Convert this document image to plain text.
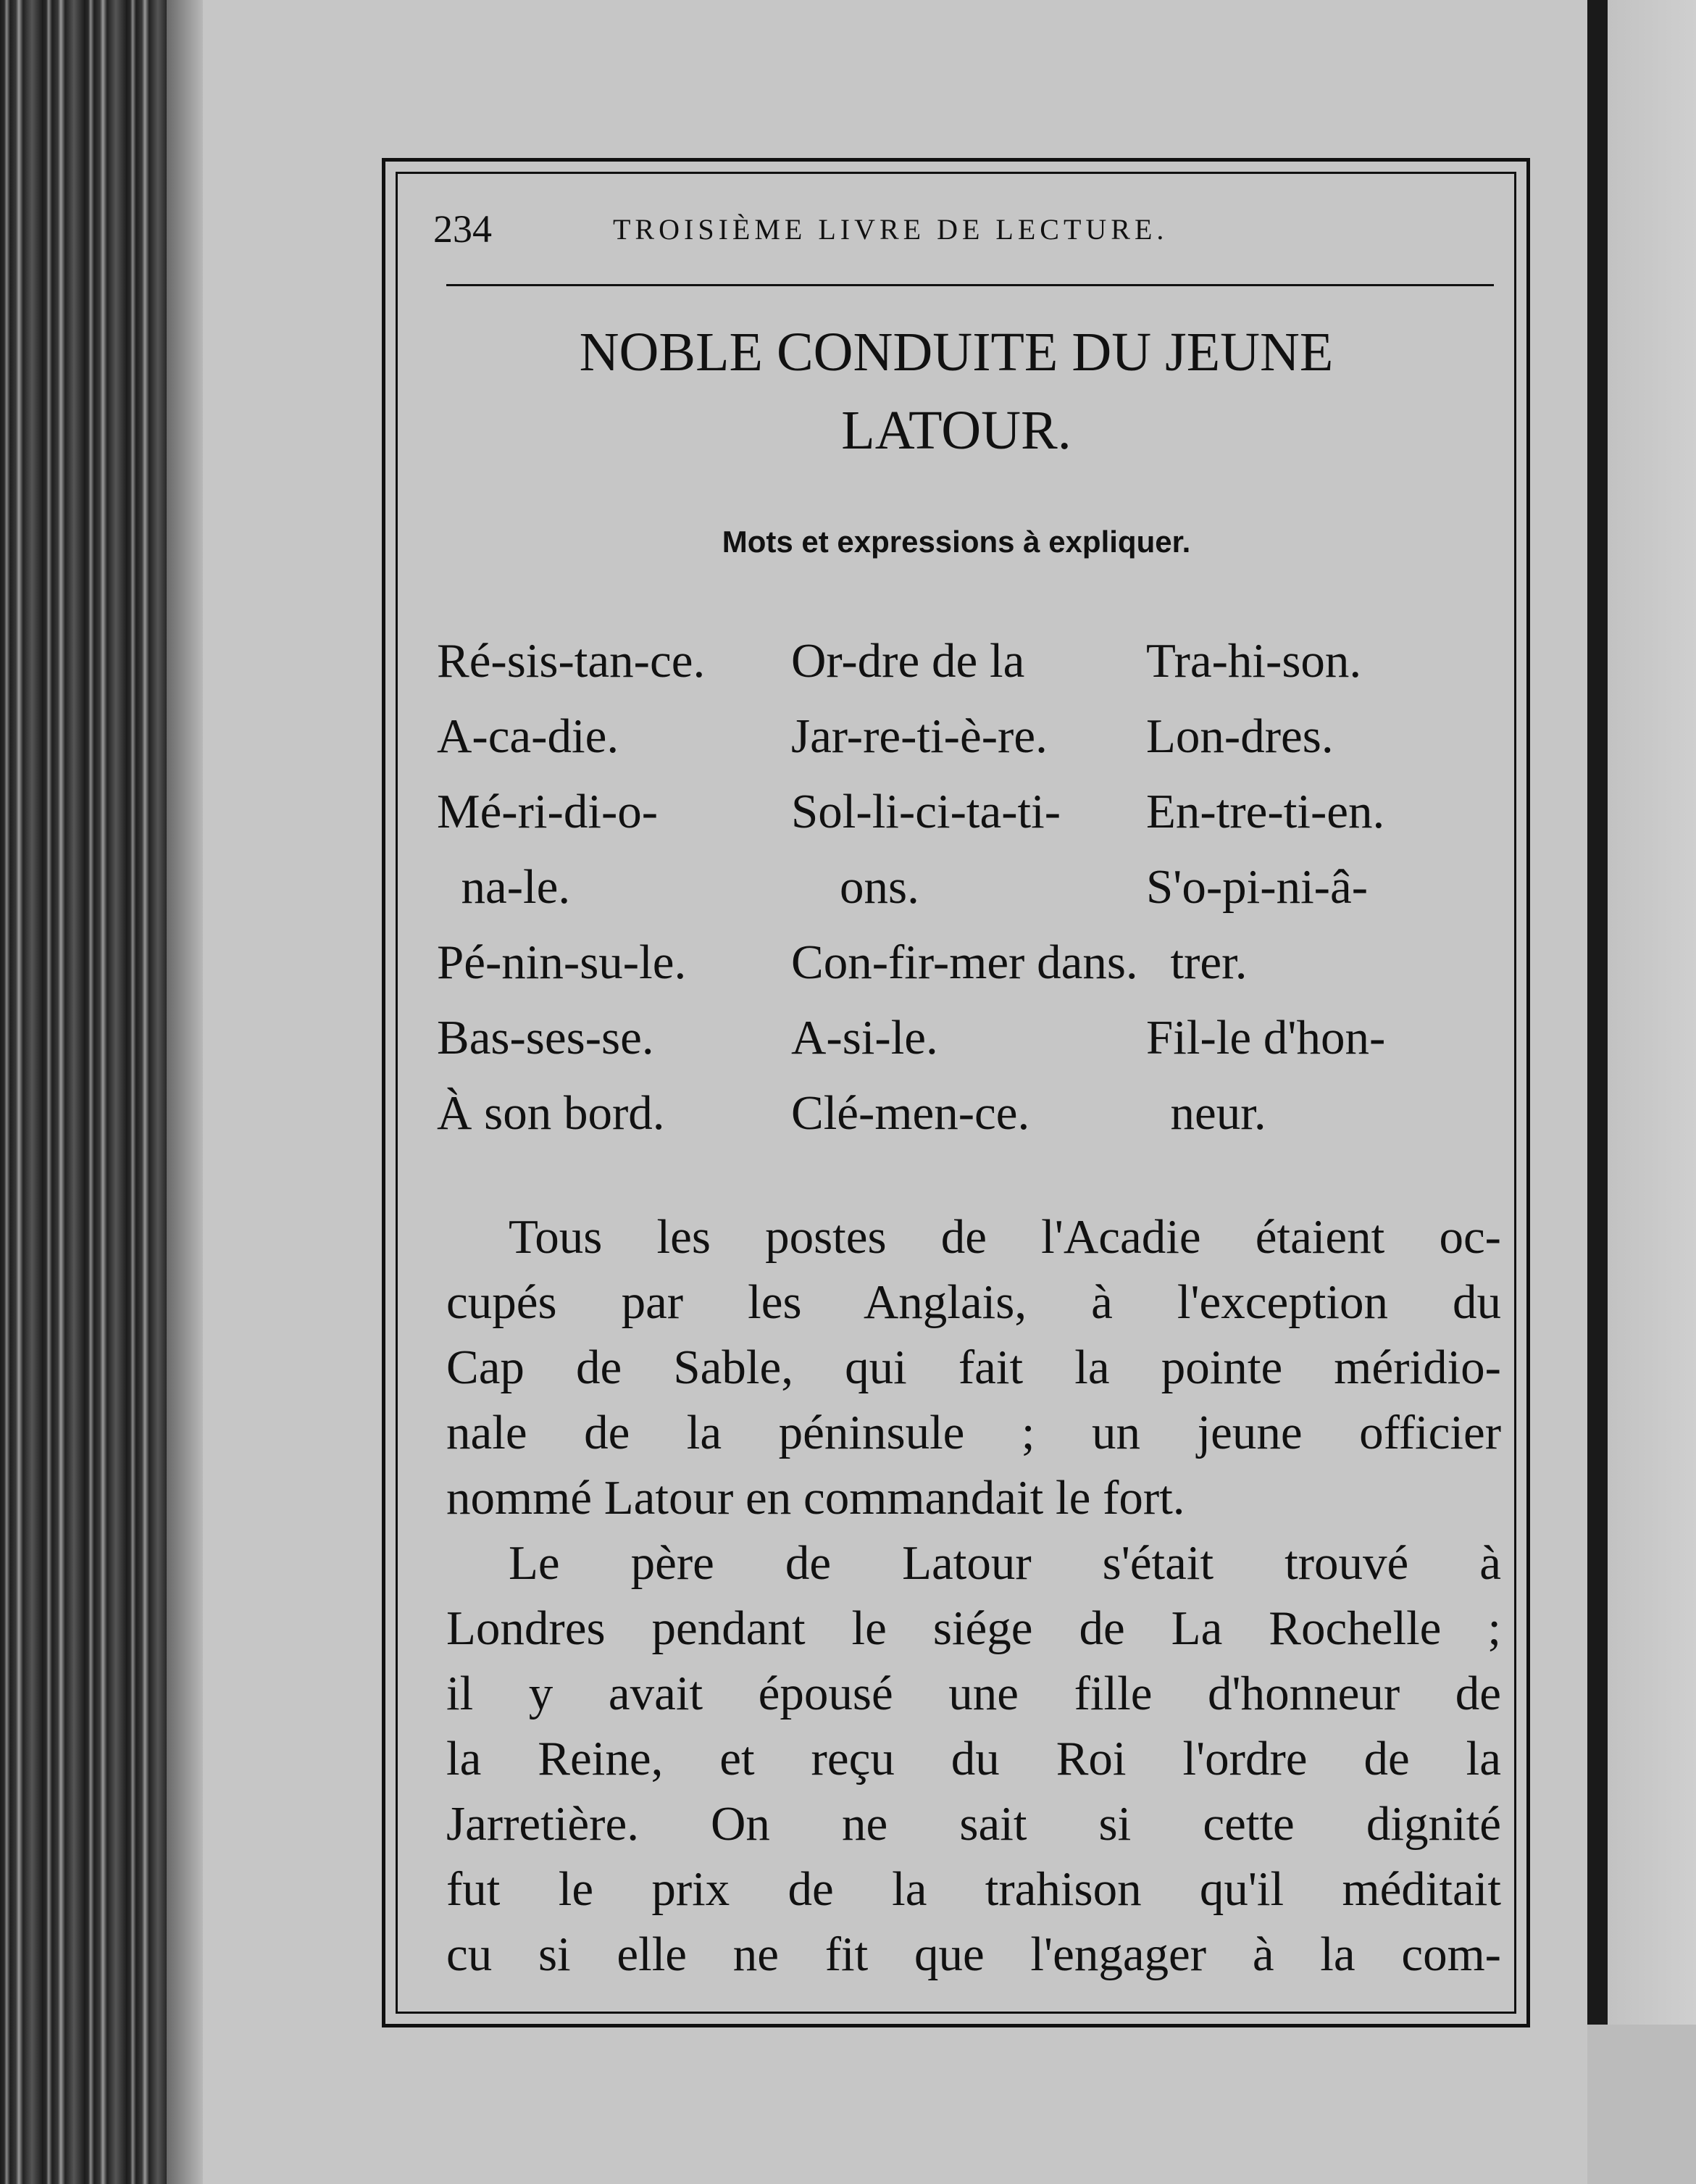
234	TROISIÈME LIVRE DE LECTURE.
NOBLE CONDUITE DU JEUNE
LATOUR.
Mots et expressions à expliquer.
Ré-sis-tan-ce.
A-ca-die.
Mé-ri-di-o-
na-le.
Pé-nin-su-le.
Bas-ses-se.
À son bord.
Or-dre de la
Jar-re-ti-è-re.
Sol-li-ci-ta-ti-
ons.
Con-fir-mer dans.
A-si-le.
Clé-men-ce.
Tra-hi-son.
Lon-dres.
En-tre-ti-en.
S'o-pi-ni-â-
trer.
Fil-le d'hon-
neur.

Tous les postes de l'Acadie étaient oc-
cupés par les Anglais, à l'exception du
Cap de Sable, qui fait la pointe méridio-
nale de la péninsule ; un jeune officier
nommé Latour en commandait le fort.

Le père de Latour s'était trouvé à
Londres pendant le siége de La Rochelle ;
il y avait épousé une fille d'honneur de
la Reine, et reçu du Roi l'ordre de la
Jarretière. On ne sait si cette dignité
fut le prix de la trahison qu'il méditait
cu si elle ne fit que l'engager à la com-
